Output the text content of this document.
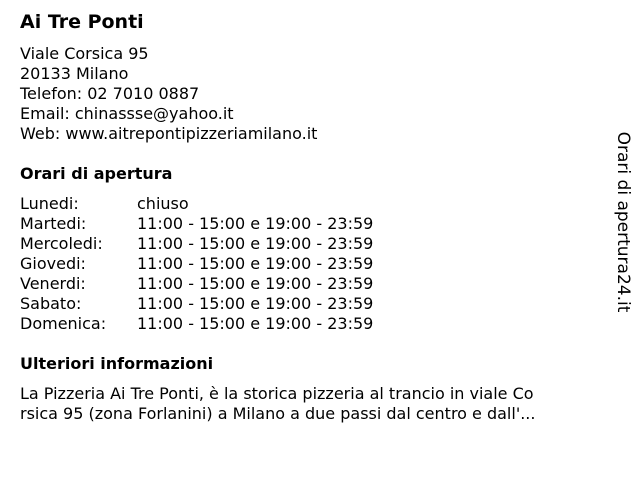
Ai Tre Ponti
Viale Corsica 95
20133 Milano
Telefon: 02 7010 0887
Email: chinassse@yahoo.it
Web: www.aitrepontipizzeriamilano.it
Orari di apertura
Lunedi:	chiuso
Martedi:	11:00 - 15:00 e 19:00 - 23:59
Mercoledi: 11:00 - 15:00 e 19:00 - 23:59
Giovedi:	11:00 - 15:00 e 19:00 - 23:59
Venerdi:	11:00 - 15:00 e 19:00 - 23:59
Sabato:	11:00 - 15:00 e 19:00 - 23:59
Domenica: 11:00 - 15:00 e 19:00 - 23:59
Ulteriori informazioni
La Pizzeria Ai Tre Ponti, è la storica pizzeria al trancio in viale Co
rsica 95 (zona Forlanini) a Milano a due passi dal centro e dall'...
Orari di apertura24.it
